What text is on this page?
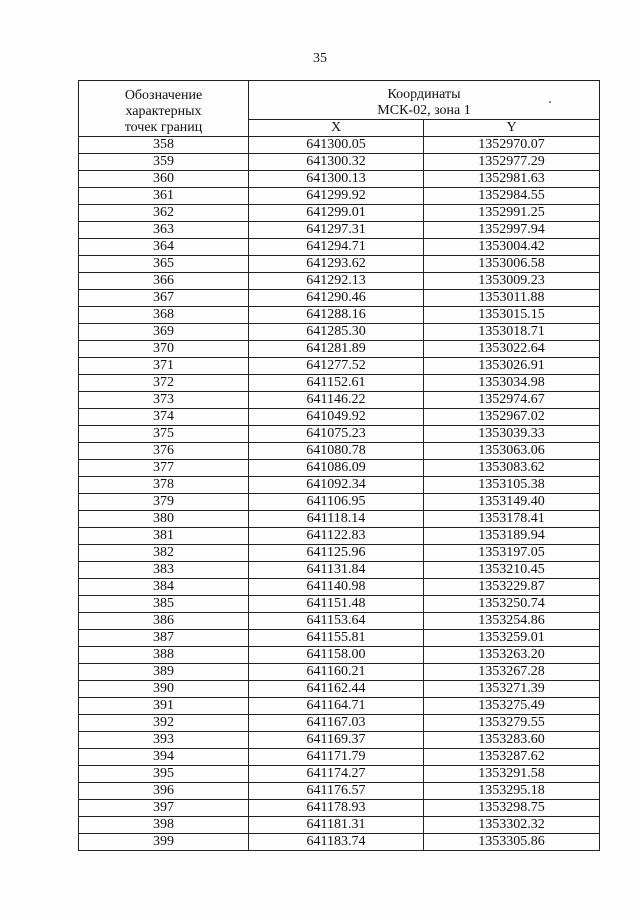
35
Обозначение
характерных
точек границ	Координаты
МСК-02, зона 1	

	X	Y
358	641300.05	1352970.07
359	641300.32	1352977.29
360	641300.13	1352981.63
361	641299.92	1352984.55
362	641299.01	1352991.25
363	641297.31	1352997.94
364	641294.71	1353004.42
365	641293.62	1353006.58
366	641292.13	1353009.23
367	641290.46	1353011.88
368	641288.16	1353015.15
369	641285.30	1353018.71
370	641281.89	1353022.64
371	641277.52	1353026.91
372	641152.61	1353034.98
373	641146.22	1352974.67
374	641049.92	1352967.02
375	641075.23	1353039.33
376	641080.78	1353063.06
377	641086.09	1353083.62
378	641092.34	1353105.38
379	641106.95	1353149.40
380	641118.14	1353178.41
381	641122.83	1353189.94
382	641125.96	1353197.05
383	641131.84	1353210.45
384	641140.98	1353229.87
385	641151.48	1353250.74
386	641153.64	1353254.86
387	641155.81	1353259.01
388	641158.00	1353263.20
389	641160.21	1353267.28
390	641162.44	1353271.39
391	641164.71	1353275.49
392	641167.03	1353279.55
393	641169.37	1353283.60
394	641171.79	1353287.62
395	641174.27	1353291.58
396	641176.57	1353295.18
397	641178.93	1353298.75
398	641181.31	1353302.32
399	641183.74	1353305.86
